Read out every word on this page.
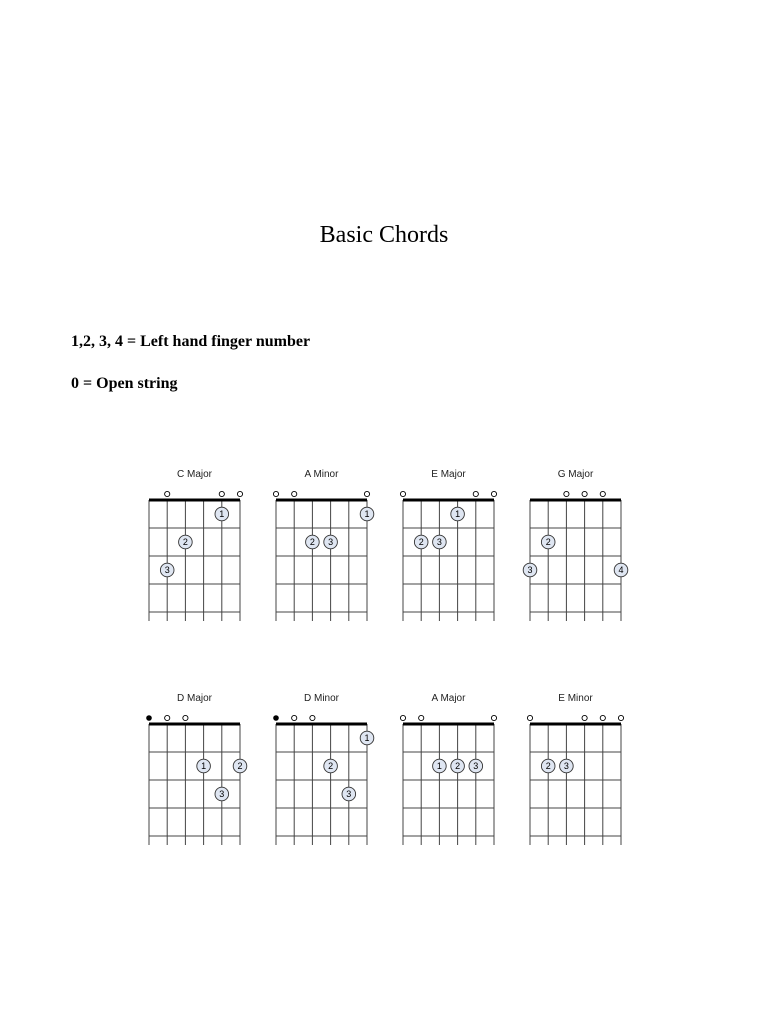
Basic Chords
1,2, 3, 4 = Left hand finger number
0 = Open string
C Major
1
2
3
A Minor
1
2 3
E Major
1
2 3
G Major
2
3	4
D Major
1	2
3
D Minor
1
2
3
A Major
1 2 3
E Minor
2 3
